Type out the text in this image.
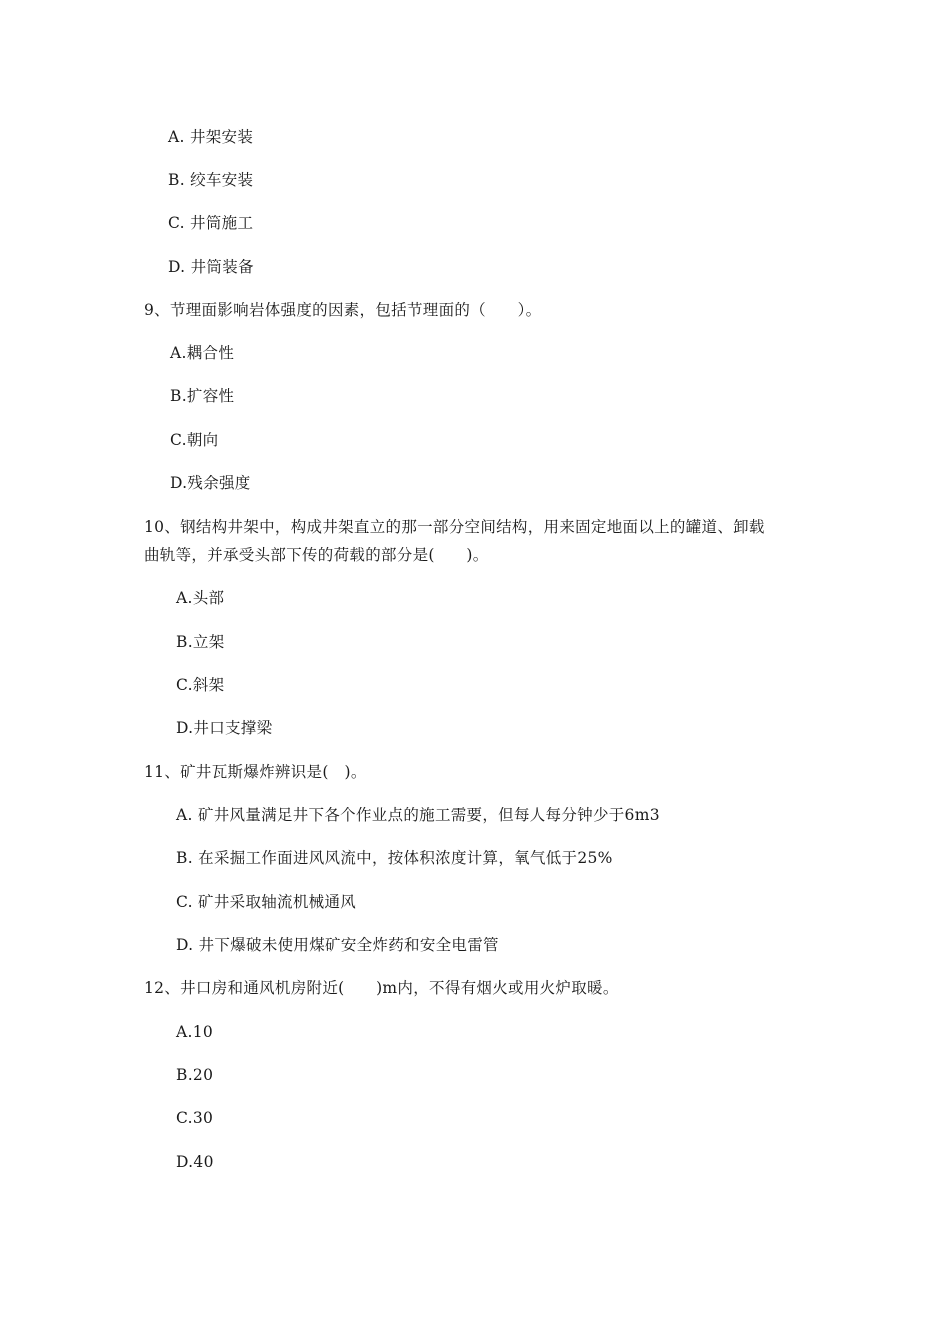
A. 井架安装
B. 绞车安装
C. 井筒施工
D. 井筒装备
9、节理面影响岩体强度的因素，包括节理面的（　　）。
A.耦合性
B.扩容性
C.朝向
D.残余强度
10、钢结构井架中，构成井架直立的那一部分空间结构，用来固定地面以上的罐道、卸载
曲轨等，并承受头部下传的荷载的部分是(　　)。
A.头部
B.立架
C.斜架
D.井口支撑梁
11、矿井瓦斯爆炸辨识是(　)。
A. 矿井风量满足井下各个作业点的施工需要，但每人每分钟少于6m3
B. 在采掘工作面进风风流中，按体积浓度计算，氧气低于25%
C. 矿井采取轴流机械通风
D. 井下爆破未使用煤矿安全炸药和安全电雷管
12、井口房和通风机房附近(　　)m内，不得有烟火或用火炉取暖。
A.10
B.20
C.30
D.40
